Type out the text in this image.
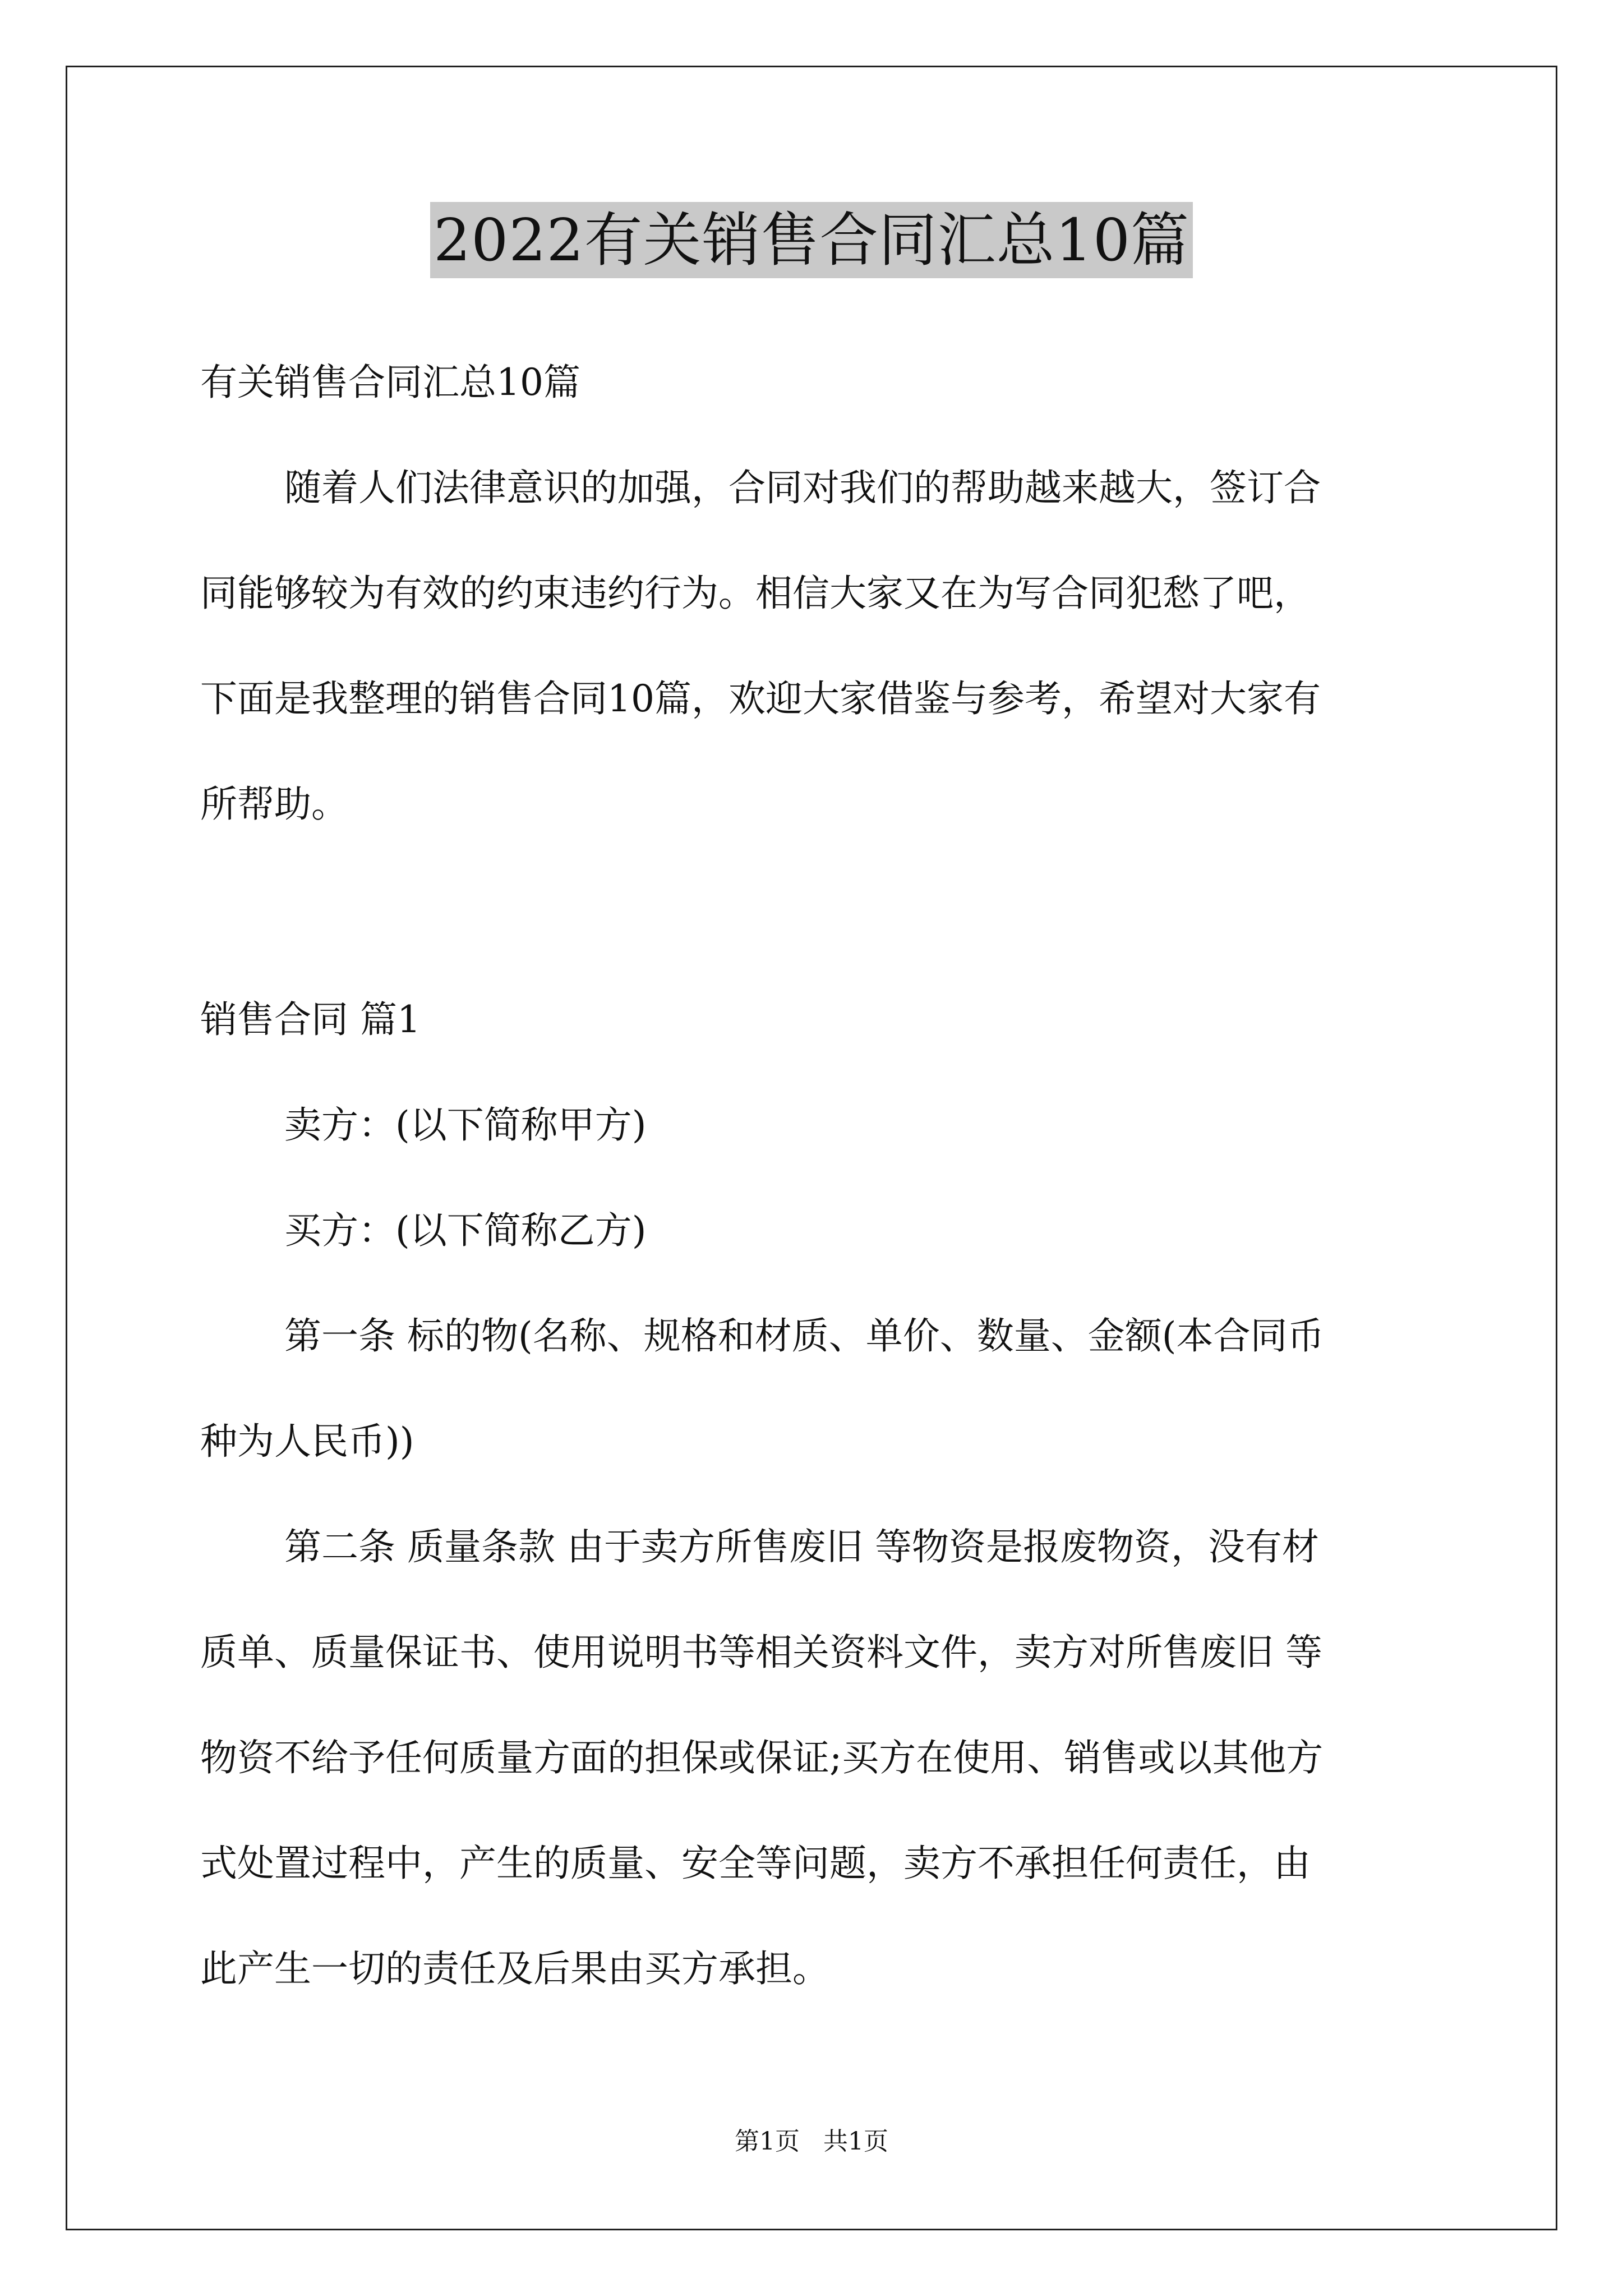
2022有关销售合同汇总10篇
有关销售合同汇总10篇
随着人们法律意识的加强，合同对我们的帮助越来越大，签订合
同能够较为有效的约束违约行为。相信大家又在为写合同犯愁了吧，
下面是我整理的销售合同10篇，欢迎大家借鉴与参考，希望对大家有
所帮助。
销售合同 篇1
卖方：(以下简称甲方)
买方：(以下简称乙方)
第一条 标的物(名称、规格和材质、单价、数量、金额(本合同币
种为人民币))
第二条 质量条款 由于卖方所售废旧 等物资是报废物资，没有材
质单、质量保证书、使用说明书等相关资料文件，卖方对所售废旧 等
物资不给予任何质量方面的担保或保证;买方在使用、销售或以其他方
式处置过程中，产生的质量、安全等问题，卖方不承担任何责任，由
此产生一切的责任及后果由买方承担。
第1页   共1页
